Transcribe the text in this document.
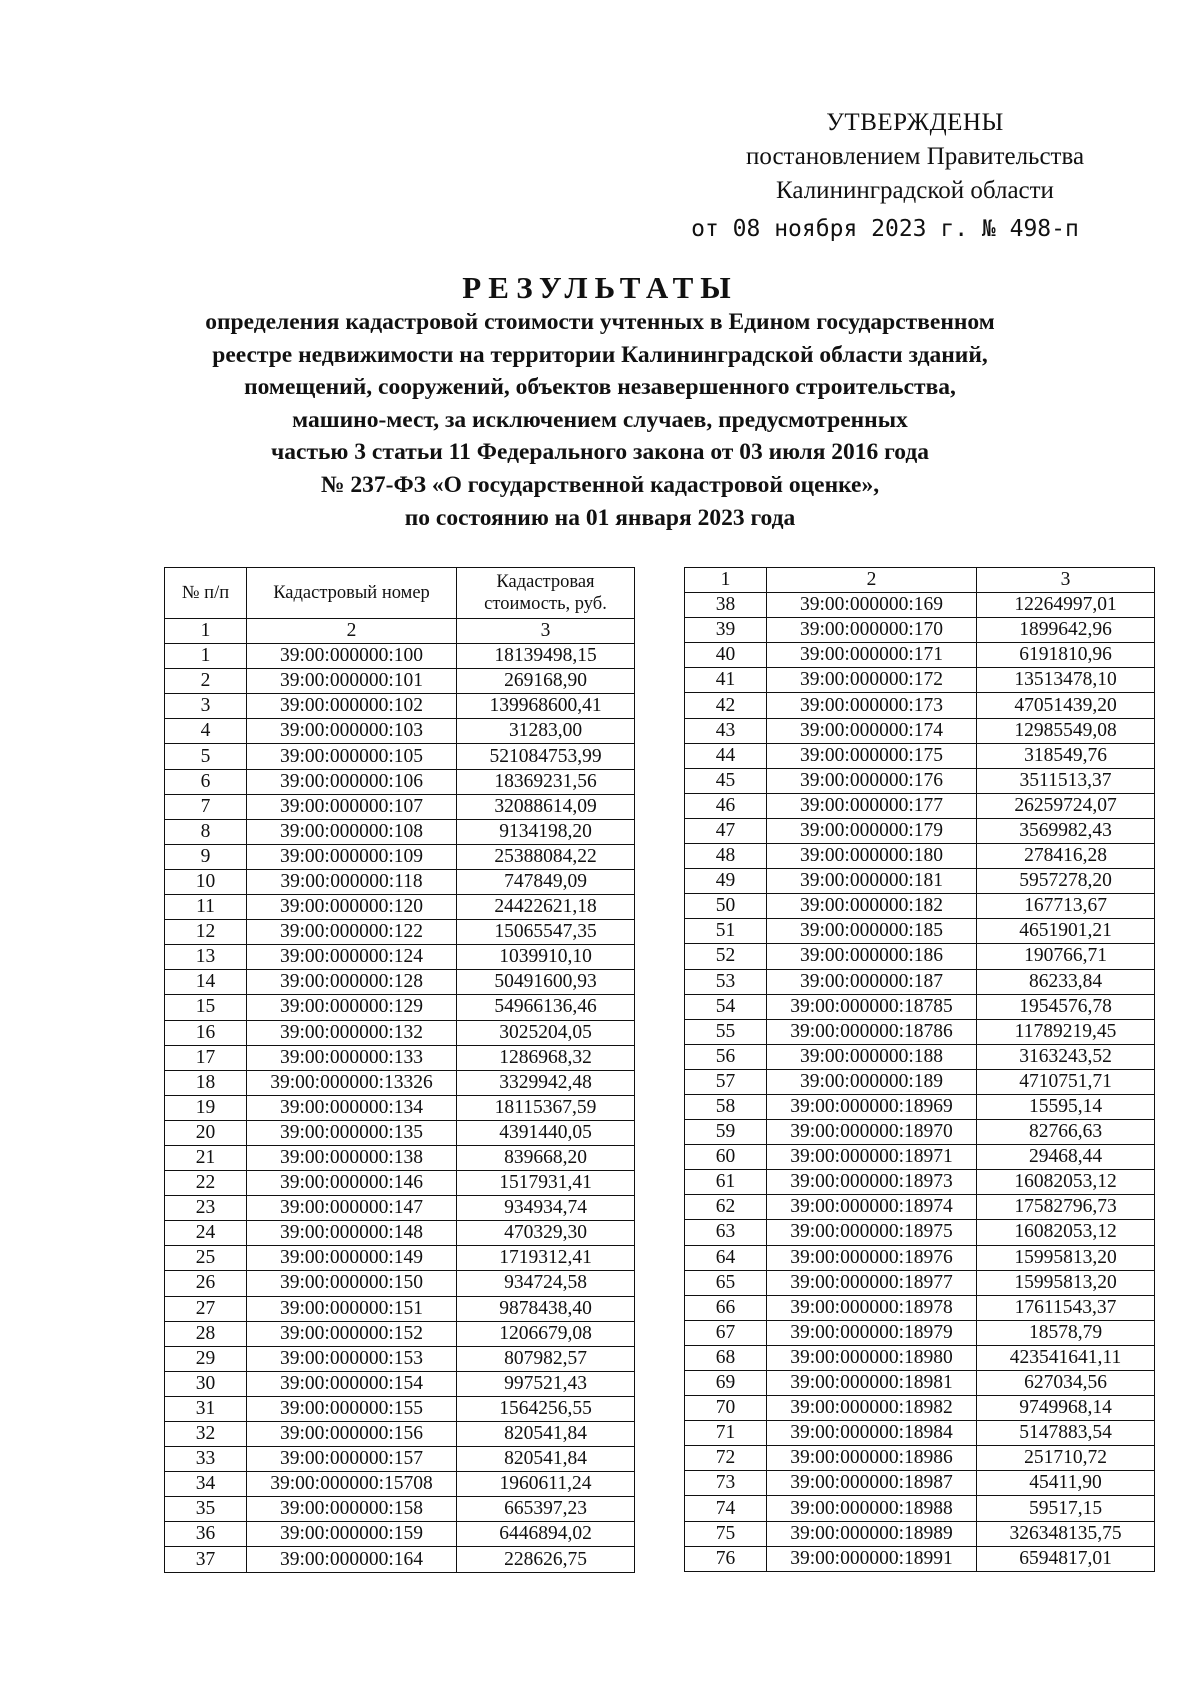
УТВЕРЖДЕНЫ
постановлением Правительства
Калининградской области
от 08 ноября 2023 г. № 498-п
РЕЗУЛЬТАТЫ
определения кадастровой стоимости учтенных в Едином государственном
реестре недвижимости на территории Калининградской области зданий,
помещений, сооружений, объектов незавершенного строительства,
машино-мест, за исключением случаев, предусмотренных
частью 3 статьи 11 Федерального закона от 03 июля 2016 года
№ 237-ФЗ «О государственной кадастровой оценке»,
по состоянию на 01 января 2023 года
№ п/п	Кадастровый номер	Кадастровая стоимость, руб.
1	2	3
1	39:00:000000:100	18139498,15
2	39:00:000000:101	269168,90
3	39:00:000000:102	139968600,41
4	39:00:000000:103	31283,00
5	39:00:000000:105	521084753,99
6	39:00:000000:106	18369231,56
7	39:00:000000:107	32088614,09
8	39:00:000000:108	9134198,20
9	39:00:000000:109	25388084,22
10	39:00:000000:118	747849,09
11	39:00:000000:120	24422621,18
12	39:00:000000:122	15065547,35
13	39:00:000000:124	1039910,10
14	39:00:000000:128	50491600,93
15	39:00:000000:129	54966136,46
16	39:00:000000:132	3025204,05
17	39:00:000000:133	1286968,32
18	39:00:000000:13326	3329942,48
19	39:00:000000:134	18115367,59
20	39:00:000000:135	4391440,05
21	39:00:000000:138	839668,20
22	39:00:000000:146	1517931,41
23	39:00:000000:147	934934,74
24	39:00:000000:148	470329,30
25	39:00:000000:149	1719312,41
26	39:00:000000:150	934724,58
27	39:00:000000:151	9878438,40
28	39:00:000000:152	1206679,08
29	39:00:000000:153	807982,57
30	39:00:000000:154	997521,43
31	39:00:000000:155	1564256,55
32	39:00:000000:156	820541,84
33	39:00:000000:157	820541,84
34	39:00:000000:15708	1960611,24
35	39:00:000000:158	665397,23
36	39:00:000000:159	6446894,02
37	39:00:000000:164	228626,75
1	2	3
38	39:00:000000:169	12264997,01
39	39:00:000000:170	1899642,96
40	39:00:000000:171	6191810,96
41	39:00:000000:172	13513478,10
42	39:00:000000:173	47051439,20
43	39:00:000000:174	12985549,08
44	39:00:000000:175	318549,76
45	39:00:000000:176	3511513,37
46	39:00:000000:177	26259724,07
47	39:00:000000:179	3569982,43
48	39:00:000000:180	278416,28
49	39:00:000000:181	5957278,20
50	39:00:000000:182	167713,67
51	39:00:000000:185	4651901,21
52	39:00:000000:186	190766,71
53	39:00:000000:187	86233,84
54	39:00:000000:18785	1954576,78
55	39:00:000000:18786	11789219,45
56	39:00:000000:188	3163243,52
57	39:00:000000:189	4710751,71
58	39:00:000000:18969	15595,14
59	39:00:000000:18970	82766,63
60	39:00:000000:18971	29468,44
61	39:00:000000:18973	16082053,12
62	39:00:000000:18974	17582796,73
63	39:00:000000:18975	16082053,12
64	39:00:000000:18976	15995813,20
65	39:00:000000:18977	15995813,20
66	39:00:000000:18978	17611543,37
67	39:00:000000:18979	18578,79
68	39:00:000000:18980	423541641,11
69	39:00:000000:18981	627034,56
70	39:00:000000:18982	9749968,14
71	39:00:000000:18984	5147883,54
72	39:00:000000:18986	251710,72
73	39:00:000000:18987	45411,90
74	39:00:000000:18988	59517,15
75	39:00:000000:18989	326348135,75
76	39:00:000000:18991	6594817,01
